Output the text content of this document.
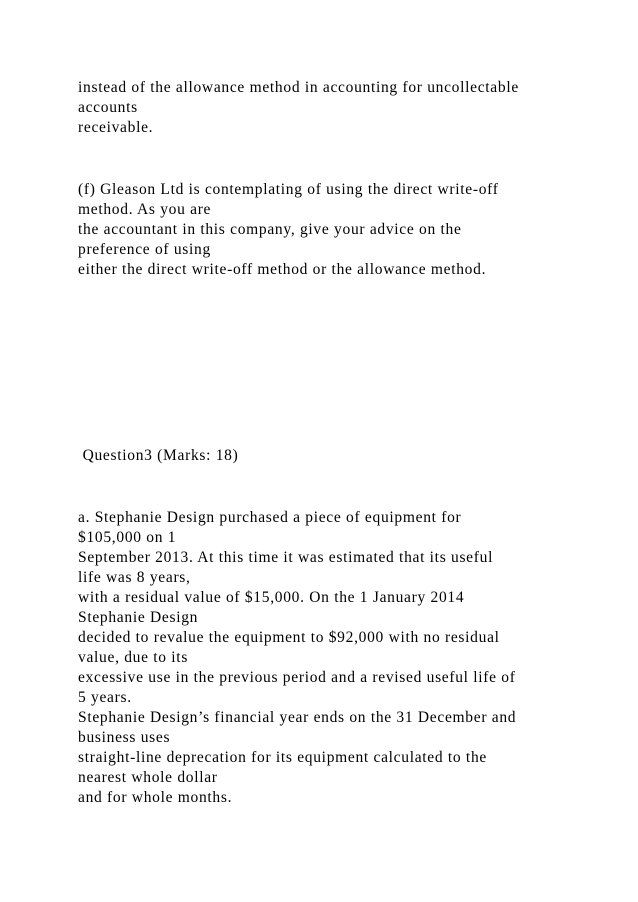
instead of the allowance method in accounting for uncollectable
accounts
receivable.
(f) Gleason Ltd is contemplating of using the direct write-off
method. As you are
the accountant in this company, give your advice on the
preference of using
either the direct write-off method or the allowance method.
Question3 (Marks: 18)
a. Stephanie Design purchased a piece of equipment for
$105,000 on 1
September 2013. At this time it was estimated that its useful
life was 8 years,
with a residual value of $15,000. On the 1 January 2014
Stephanie Design
decided to revalue the equipment to $92,000 with no residual
value, due to its
excessive use in the previous period and a revised useful life of
5 years.
Stephanie Design’s financial year ends on the 31 December and
business uses
straight-line deprecation for its equipment calculated to the
nearest whole dollar
and for whole months.
